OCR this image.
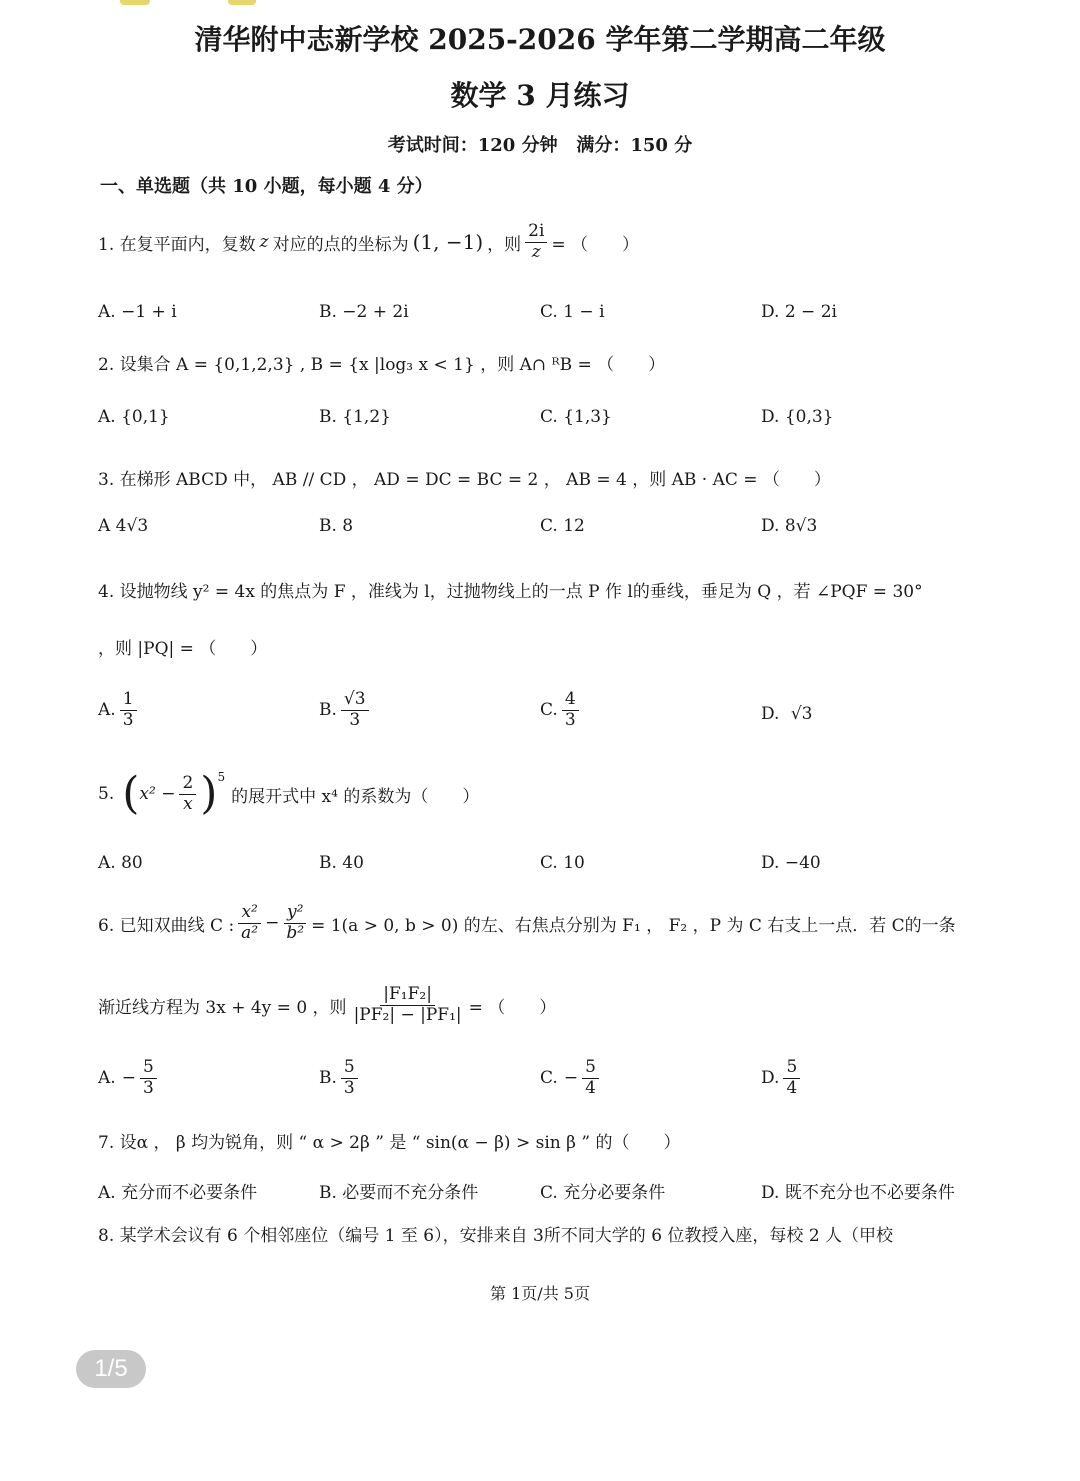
清华附中志新学校 2025-2026 学年第二学期高二年级
数学 3 月练习
考试时间：120 分钟   满分：150 分
一、单选题（共 10 小题，每小题 4 分）
1. 在复平面内，复数 z 对应的点的坐标为 (1, −1) ，则 $\frac{2i}{z}$ = （　　）
A. −1 + i	B. −2 + 2i	C. 1 − i	D. 2 − 2i
2. 设集合 A = {0,1,2,3} , B = {x |log₃ x < 1} ，则 A∩ ᴿB = （　　）
A. {0,1}	B. {1,2}	C. {1,3}	D. {0,3}
3. 在梯形 ABCD 中， AB // CD ， AD = DC = BC = 2 ， AB = 4 ，则 AB · AC = （　　）
A 4√3	B. 8	C. 12	D. 8√3
4. 设抛物线 y² = 4x 的焦点为 F ，准线为 l，过抛物线上的一点 P 作 l的垂线，垂足为 Q ，若 ∠PQF = 30°
，则 |PQ| = （　　）
A. $\frac{1}{3}$	B. $\frac{√3}{3}$	C. $\frac{4}{3}$	D. √3
5. ( $x^2 - \frac{2}{x}$ ) 5
的展开式中 x⁴ 的系数为（　　）
A. 80	B. 40	C. 10	D. −40
6. 已知双曲线 C : $\frac{\text{x²}}{\text{a²}} - \frac{\text{y²}}{\text{b²}} = 1(a > 0$, b > 0) 的左、右焦点分别为 F₁ ， F₂ ，P 为 C 右支上一点．若 C的一条
渐近线方程为 3x + 4y = 0 ，则 $\frac{\text{|F₁F₂|}}{\text{|PF₂| − |PF₁|}}$ = （　　）
A. − $\frac{5}{3}$	B. $\frac{5}{3}$	C. − $\frac{5}{4}$	D. $\frac{5}{4}$
7. 设α ， β 均为锐角，则 “ α > 2β ” 是 “ sin(α − β) > sin β ” 的（　　）
A. 充分而不必要条件	B. 必要而不充分条件	C. 充分必要条件	D. 既不充分也不必要条件
8. 某学术会议有 6 个相邻座位（编号 1 至 6），安排来自 3所不同大学的 6 位教授入座，每校 2 人（甲校
第 1页/共 5页
1/5
